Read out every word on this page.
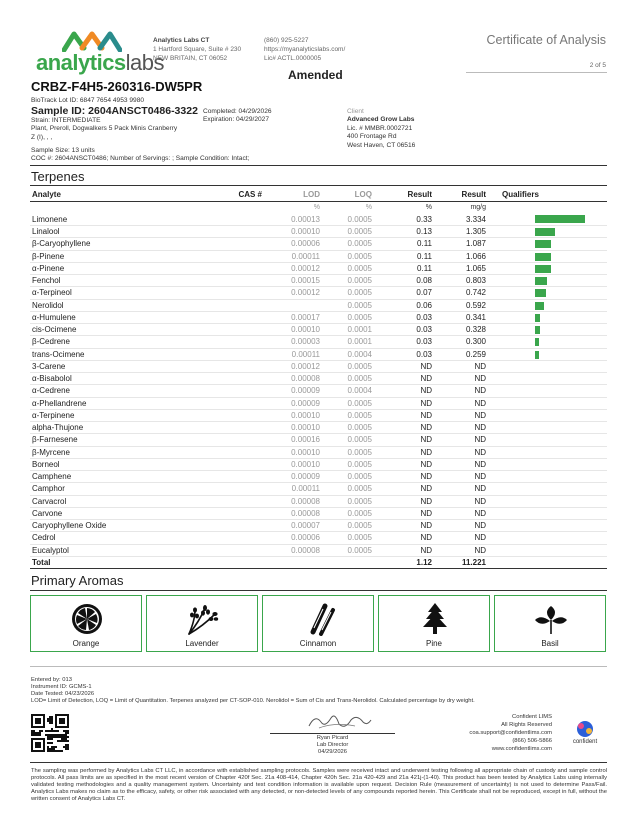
analyticslabs
Analytics Labs CT
1 Hartford Square, Suite # 230
NEW BRITAIN, CT 06052
(860) 925-5227
https://myanalyticslabs.com/
Lic# ACTL.0000005
Certificate of Analysis
2 of 5
Amended
CRBZ-F4H5-260316-DW5PR
BioTrack Lot ID: 6847 7654 4953 9980
Sample ID: 2604ANSCT0486-3322
Strain: INTERMEDIATE
Plant, Preroll, Dogwalkers 5 Pack Minis Cranberry
Z (I), , ,
Completed: 04/29/2026
Expiration: 04/29/2027
Client
Advanced Grow Labs
Lic. # MMBR.0002721
400 Frontage Rd
West Haven, CT 06516
Sample Size: 13 units
COC #: 2604ANSCT0486; Number of Servings: ; Sample Condition: Intact;
Terpenes
Analyte	CAS #	LOD	LOQ	Result	Result	Qualifiers
		%	%	%	mg/g	
Limonene		0.00013	0.0005	0.33	3.334	

Linalool		0.00010	0.0005	0.13	1.305	

β-Caryophyllene		0.00006	0.0005	0.11	1.087	

β-Pinene		0.00011	0.0005	0.11	1.066	

α-Pinene		0.00012	0.0005	0.11	1.065	

Fenchol		0.00015	0.0005	0.08	0.803	

α-Terpineol		0.00012	0.0005	0.07	0.742	

Nerolidol			0.0005	0.06	0.592	

α-Humulene		0.00017	0.0005	0.03	0.341	

cis-Ocimene		0.00010	0.0001	0.03	0.328	

β-Cedrene		0.00003	0.0001	0.03	0.300	

trans-Ocimene		0.00011	0.0004	0.03	0.259	

3-Carene		0.00012	0.0005	ND	ND	
α-Bisabolol		0.00008	0.0005	ND	ND	
α-Cedrene		0.00009	0.0004	ND	ND	
α-Phellandrene		0.00009	0.0005	ND	ND	
α-Terpinene		0.00010	0.0005	ND	ND	
alpha-Thujone		0.00010	0.0005	ND	ND	
β-Farnesene		0.00016	0.0005	ND	ND	
β-Myrcene		0.00010	0.0005	ND	ND	
Borneol		0.00010	0.0005	ND	ND	
Camphene		0.00009	0.0005	ND	ND	
Camphor		0.00011	0.0005	ND	ND	
Carvacrol		0.00008	0.0005	ND	ND	
Carvone		0.00008	0.0005	ND	ND	
Caryophyllene Oxide		0.00007	0.0005	ND	ND	
Cedrol		0.00006	0.0005	ND	ND	
Eucalyptol		0.00008	0.0005	ND	ND	
Total				1.12	11.221	
Primary Aromas
Orange	Lavender	Cinnamon	Pine	Basil
Entered by: 013
Instrument ID: GCMS-1
Date Tested: 04/23/2026
LOD= Limit of Detection, LOQ = Limit of Quantitation. Terpenes analyzed per CT-SOP-010. Nerolidol = Sum of Cis and Trans-Nerolidol. Calculated percentage by dry weight.
Ryan Picard
Lab Director
04/29/2026
Confident LIMS
All Rights Reserved
coa.support@confidentlims.com
(866) 506-5866
www.confidentlims.com
confident
The sampling was performed by Analytics Labs CT LLC, in accordance with established sampling protocols. Samples were received intact and underwent testing following all appropriate chain of custody and sample control protocols. All pass limits are as specified in the most recent version of Chapter 420f Sec. 21a 408-414, Chapter 420h Sec. 21a 420-429 and 21a 421j-(1-40). This product has been tested by Analytics Labs using internally validated testing methodologies and a quality management system. Uncertainty and test condition information is available upon request. Decision Rule (measurement of uncertainty) is not used to determine Pass/Fail. Analytics Labs makes no claim as to the efficacy, safety, or other risk associated with any detected, or non-detected levels of any compounds reported herein. This Certificate shall not be reproduced, except in full, without the written consent of Analytics Labs CT.
